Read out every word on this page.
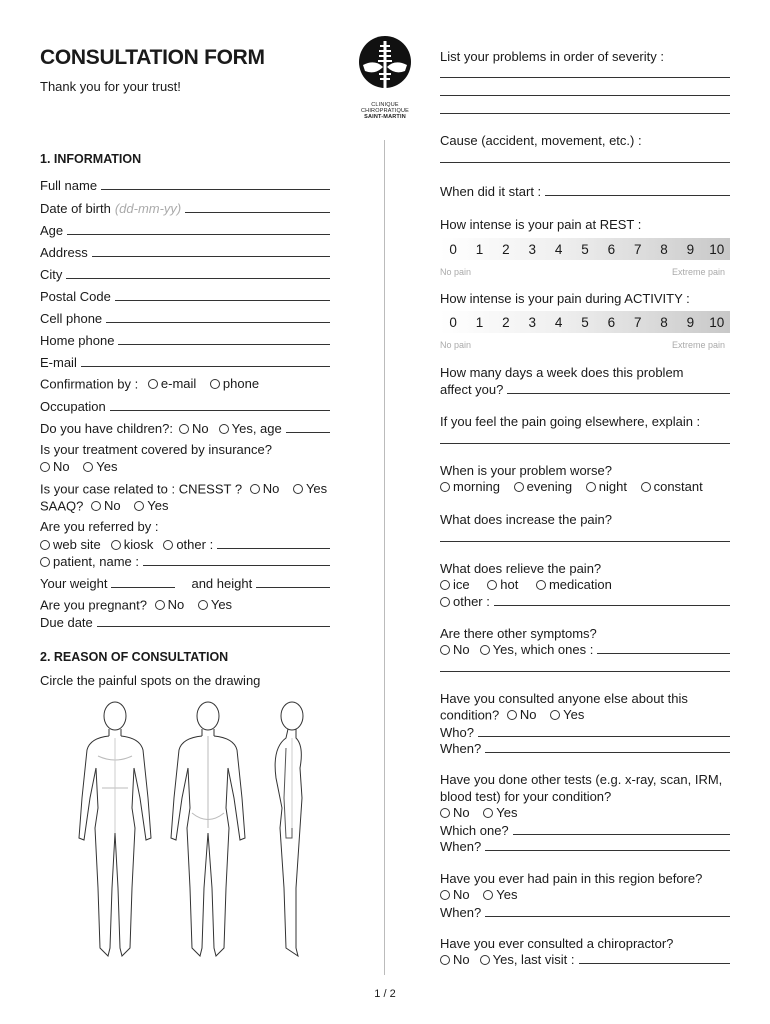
CONSULTATION FORM
Thank you for your trust!
CLINIQUE
CHIROPRATIQUE
SAINT-MARTIN
1. INFORMATION
Full name
Date of birth (dd-mm-yy)
Age
Address
City
Postal Code
Cell phone
Home phone
E-mail
Confirmation by : e-mail
phone
Occupation
Do you have children?: No Yes, age
Is your treatment covered by insurance?
No
Yes
Is your case related to : CNESST ? No
Yes
SAAQ? No
Yes
Are you referred by :
web site kiosk other :
patient, name :
Your weight	and height
Are you pregnant? No
Yes
Due date
2. REASON OF CONSULTATION
Circle the painful spots on the drawing
List your problems in order of severity :
Cause (accident, movement, etc.) :
When did it start :
How intense is your pain at REST :
0	1	2	3	4	5	6	7	8	9	10
No pain	Extreme pain
How intense is your pain during ACTIVITY :
0	1	2	3	4	5	6	7	8	9	10
No pain	Extreme pain
How many days a week does this problem
affect you?
If you feel the pain going elsewhere, explain :
When is your problem worse?
morning
evening
night
constant
What does increase the pain?
What does relieve the pain?
ice
hot
medication
other :
Are there other symptoms?
No Yes, which ones :
Have you consulted anyone else about this
condition? No
Yes
Who?
When?
Have you done other tests (e.g. x-ray, scan, IRM,
blood test) for your condition?
No
Yes
Which one?
When?
Have you ever had pain in this region before?
No
Yes
When?
Have you ever consulted a chiropractor?
No Yes, last visit :
1 / 2
